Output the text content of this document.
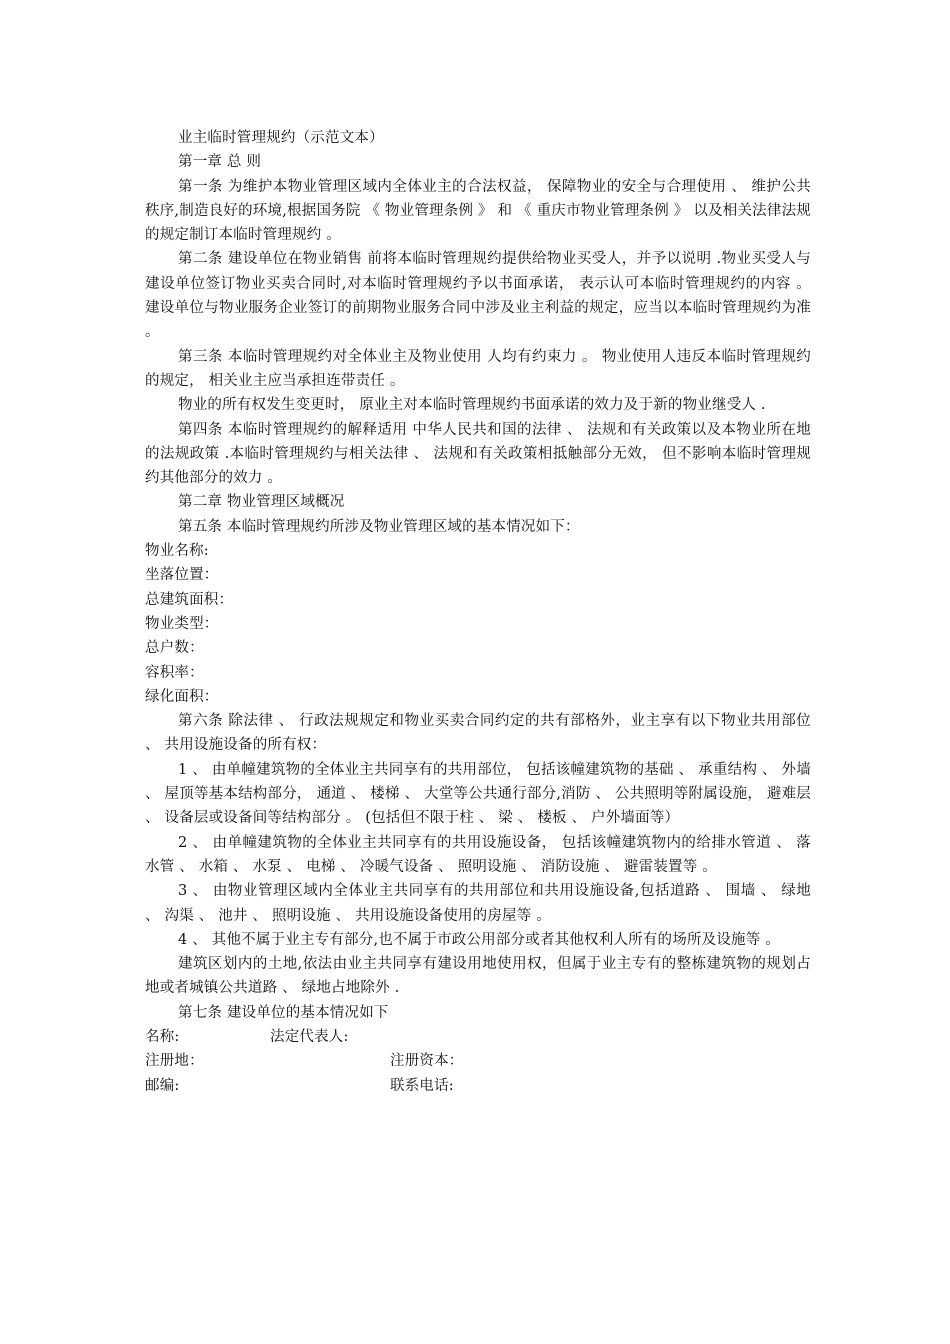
业主临时管理规约（示范文本）

第一章 总 则

第一条 为维护本物业管理区域内全体业主的合法权益， 保障物业的安全与合理使用 、 维护公共秩序,制造良好的环境,根据国务院 《 物业管理条例 》 和 《 重庆市物业管理条例 》 以及相关法律法规的规定制订本临时管理规约 。

第二条 建设单位在物业销售 前将本临时管理规约提供给物业买受人，并予以说明 .物业买受人与建设单位签订物业买卖合同时,对本临时管理规约予以书面承诺， 表示认可本临时管理规约的内容 。 建设单位与物业服务企业签订的前期物业服务合同中涉及业主利益的规定，应当以本临时管理规约为准 。

第三条 本临时管理规约对全体业主及物业使用 人均有约束力 。 物业使用人违反本临时管理规约的规定， 相关业主应当承担连带责任 。

物业的所有权发生变更时， 原业主对本临时管理规约书面承诺的效力及于新的物业继受人 .

第四条 本临时管理规约的解释适用 中华人民共和国的法律 、 法规和有关政策以及本物业所在地的法规政策 .本临时管理规约与相关法律 、 法规和有关政策相抵触部分无效， 但不影响本临时管理规约其他部分的效力 。

第二章 物业管理区域概况

第五条 本临时管理规约所涉及物业管理区域的基本情况如下：

物业名称:

坐落位置：

总建筑面积：

物业类型：

总户数：

容积率：

绿化面积：

第六条 除法律 、 行政法规规定和物业买卖合同约定的共有部格外，业主享有以下物业共用部位 、 共用设施设备的所有权：

1 、 由单幢建筑物的全体业主共同享有的共用部位， 包括该幢建筑物的基础 、 承重结构 、 外墙 、 屋顶等基本结构部分， 通道 、 楼梯 、 大堂等公共通行部分,消防 、 公共照明等附属设施， 避难层 、 设备层或设备间等结构部分 。 (包括但不限于柱 、 梁 、 楼板 、 户外墙面等）

2 、 由单幢建筑物的全体业主共同享有的共用设施设备， 包括该幢建筑物内的给排水管道 、 落水管 、 水箱 、 水泵 、 电梯 、 冷暖气设备 、 照明设施 、 消防设施 、 避雷装置等 。

3 、 由物业管理区域内全体业主共同享有的共用部位和共用设施设备,包括道路 、 围墙 、 绿地 、 沟渠 、 池井 、 照明设施 、 共用设施设备使用的房屋等 。

4 、 其他不属于业主专有部分,也不属于市政公用部分或者其他权利人所有的场所及设施等 。

建筑区划内的土地,依法由业主共同享有建设用地使用权，但属于业主专有的整栋建筑物的规划占地或者城镇公共道路 、 绿地占地除外 .

第七条 建设单位的基本情况如下

名称:	法定代表人:
注册地：	注册资本：
邮编:	联系电话:
